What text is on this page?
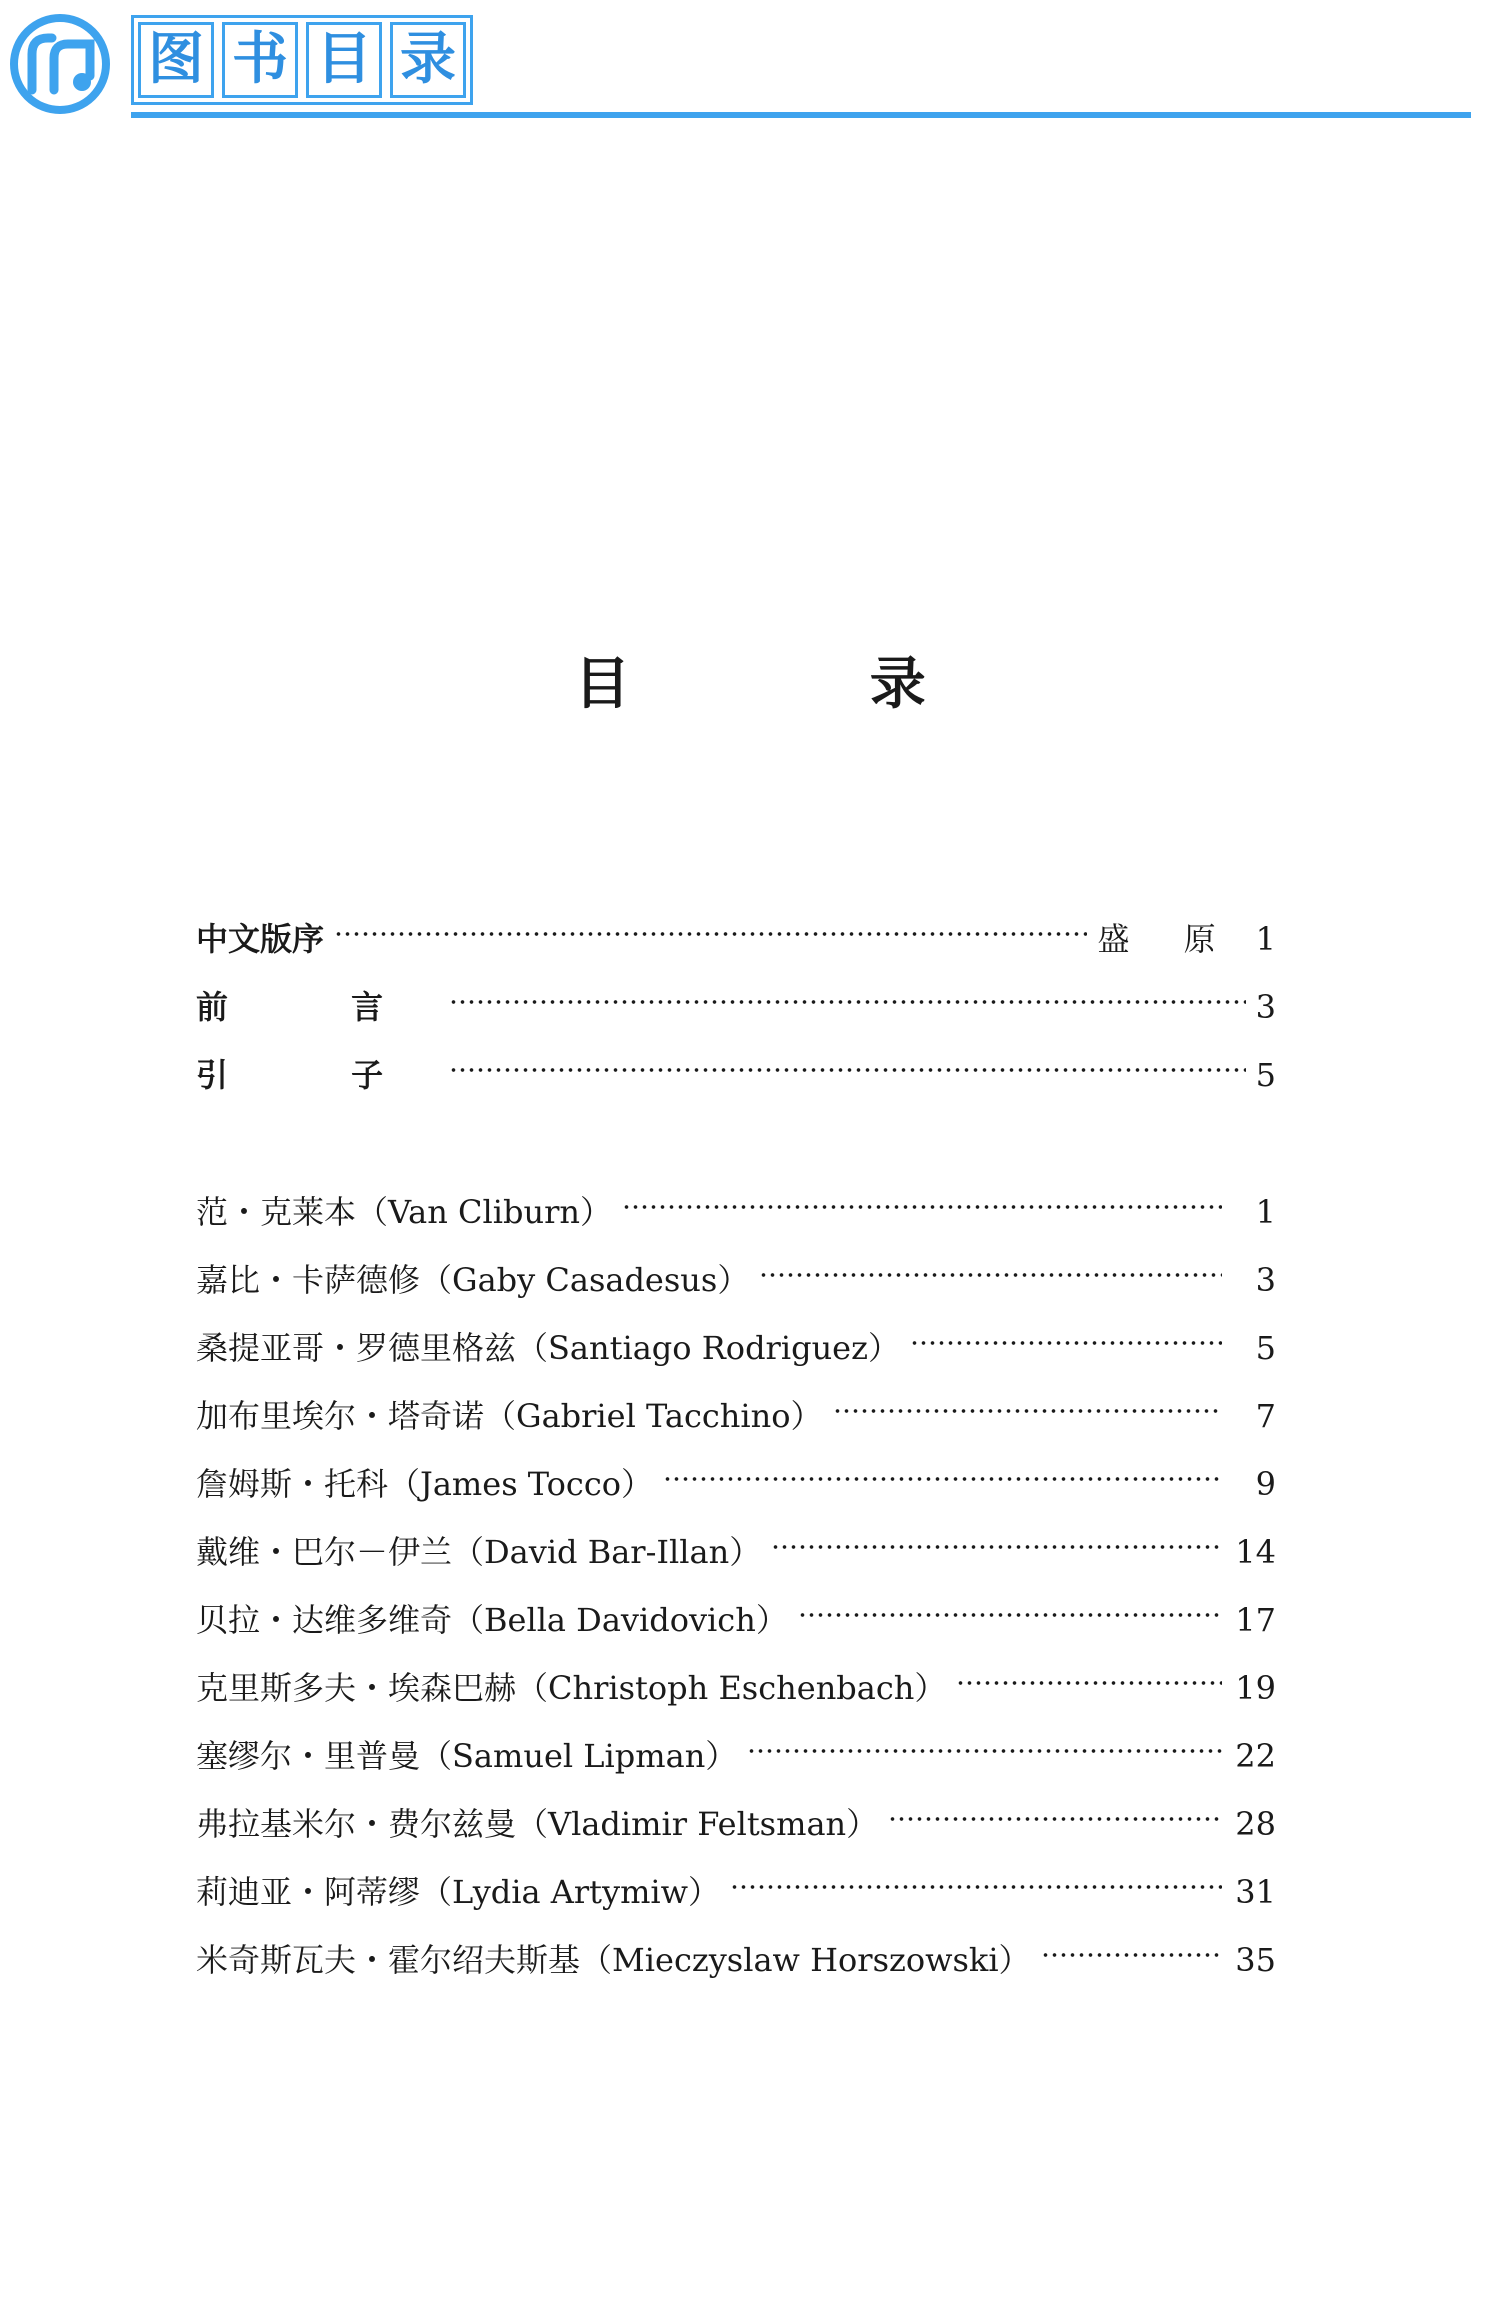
图 书 目 录
目 录
中文版序	盛 原 1
前 言	3
引 子	5
范・克莱本（Van Cliburn）	1
嘉比・卡萨德修（Gaby Casadesus）	3
桑提亚哥・罗德里格兹（Santiago Rodriguez）	5
加布里埃尔・塔奇诺（Gabriel Tacchino）	7
詹姆斯・托科（James Tocco）	9
戴维・巴尔－伊兰（David Bar-Illan）	14
贝拉・达维多维奇（Bella Davidovich）	17
克里斯多夫・埃森巴赫（Christoph Eschenbach）	19
塞缪尔・里普曼（Samuel Lipman）	22
弗拉基米尔・费尔兹曼（Vladimir Feltsman）	28
莉迪亚・阿蒂缪（Lydia Artymiw）	31
米奇斯瓦夫・霍尔绍夫斯基（Mieczyslaw Horszowski）	35
